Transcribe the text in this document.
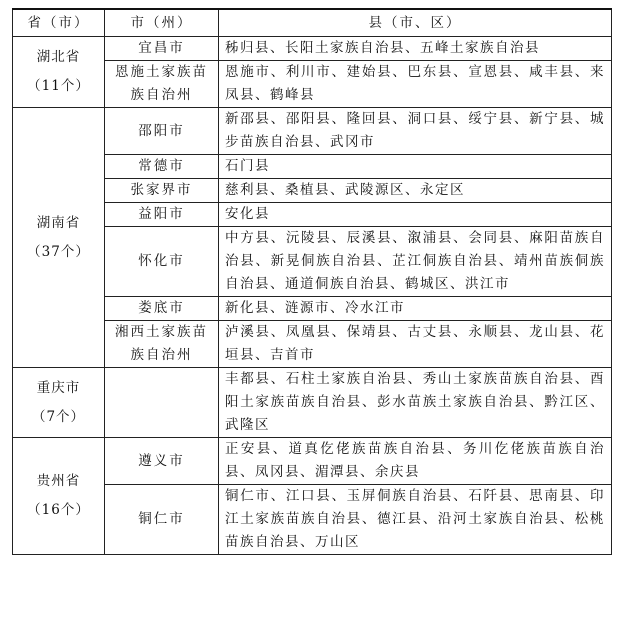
省（市）	市（州）	县（市、区）

湖北省
（11个）	宜昌市	秭归县、长阳土家族自治县、五峰土家族自治县
	恩施土家族苗族自治州	恩施市、利川市、建始县、巴东县、宣恩县、咸丰县、来凤县、鹤峰县

湖南省
（37个）	邵阳市	新邵县、邵阳县、隆回县、洞口县、绥宁县、新宁县、城步苗族自治县、武冈市
	常德市	石门县
	张家界市	慈利县、桑植县、武陵源区、永定区
	益阳市	安化县
	怀化市	中方县、沅陵县、辰溪县、溆浦县、会同县、麻阳苗族自治县、新晃侗族自治县、芷江侗族自治县、靖州苗族侗族自治县、通道侗族自治县、鹤城区、洪江市
	娄底市	新化县、涟源市、冷水江市
	湘西土家族苗族自治州	泸溪县、凤凰县、保靖县、古丈县、永顺县、龙山县、花垣县、吉首市

重庆市
（7个）		丰都县、石柱土家族自治县、秀山土家族苗族自治县、酉阳土家族苗族自治县、彭水苗族土家族自治县、黔江区、武隆区

贵州省
（16个）	遵义市	正安县、道真仡佬族苗族自治县、务川仡佬族苗族自治县、凤冈县、湄潭县、余庆县
	铜仁市	铜仁市、江口县、玉屏侗族自治县、石阡县、思南县、印江土家族苗族自治县、德江县、沿河土家族自治县、松桃苗族自治县、万山区
